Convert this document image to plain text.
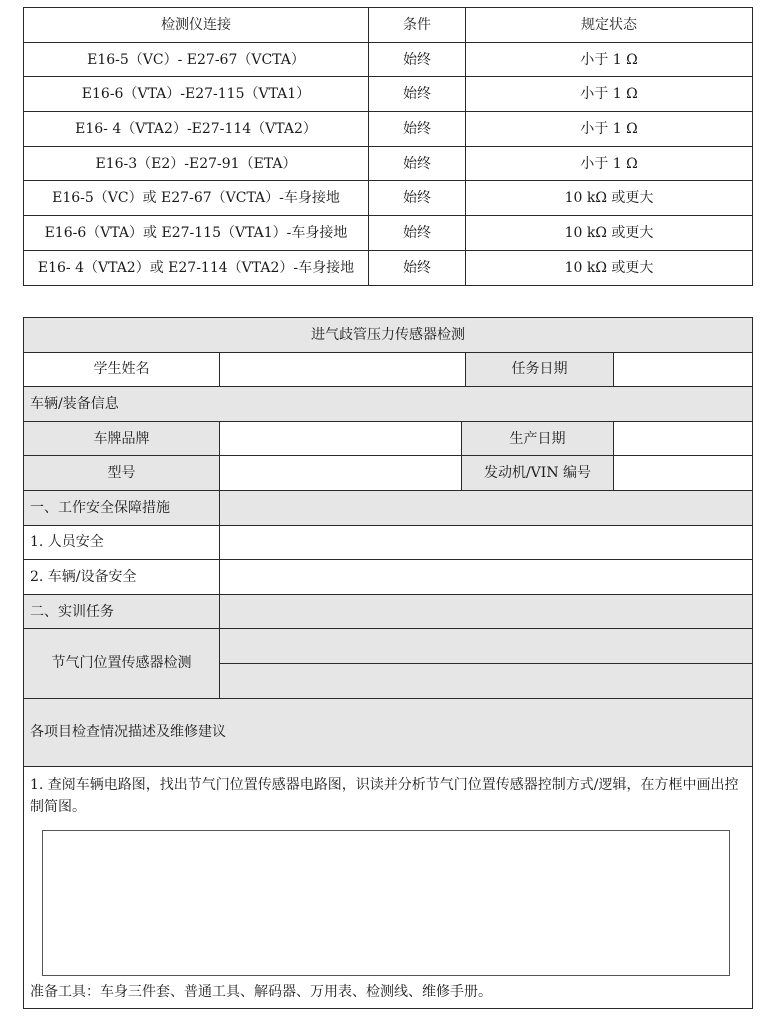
检测仪连接	条件	规定状态
E16-5（VC）- E27-67（VCTA）	始终	小于 1 Ω
E16-6（VTA）-E27-115（VTA1）	始终	小于 1 Ω
E16- 4（VTA2）-E27-114（VTA2）	始终	小于 1 Ω
E16-3（E2）-E27-91（ETA）	始终	小于 1 Ω
E16-5（VC）或 E27-67（VCTA）-车身接地	始终	10 kΩ 或更大
E16-6（VTA）或 E27-115（VTA1）-车身接地	始终	10 kΩ 或更大
E16- 4（VTA2）或 E27-114（VTA2）-车身接地	始终	10 kΩ 或更大
进气歧管压力传感器检测				
学生姓名			任务日期	
车辆/装备信息				
车牌品牌		生产日期		
型号		发动机/VIN 编号		
一、工作安全保障措施				
1. 人员安全				
2. 车辆/设备安全				
二、实训任务				
节气门位置传感器检测				

各项目检查情况描述及维修建议				

1. 查阅车辆电路图，找出节气门位置传感器电路图，识读并分析节气门位置传感器控制方式/逻辑，在方框中画出控制简图。
准备工具：车身三件套、普通工具、解码器、万用表、检测线、维修手册。				
